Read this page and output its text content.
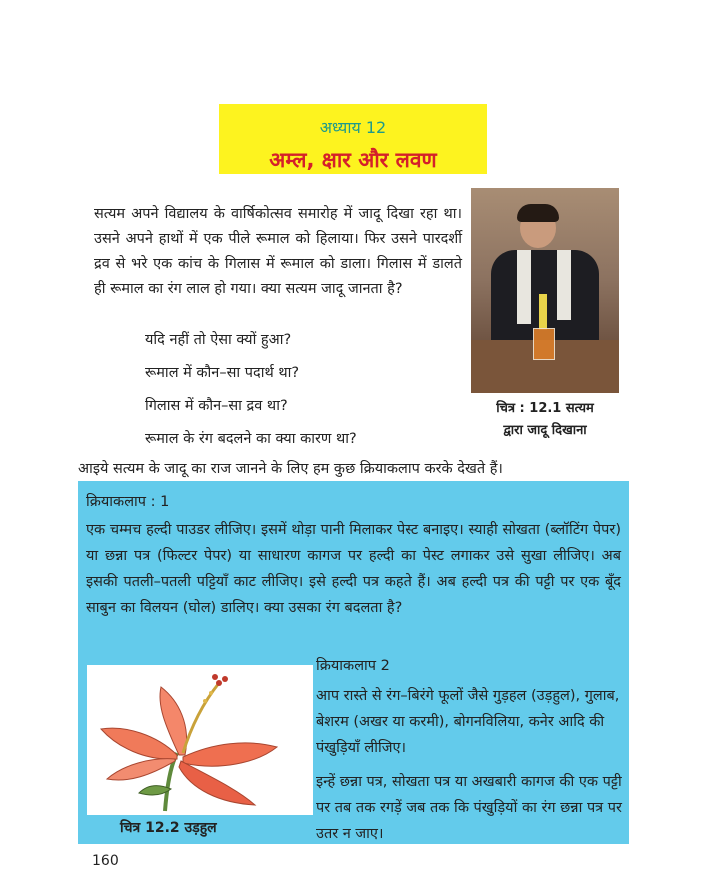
अध्याय 12
अम्ल, क्षार और लवण
सत्यम अपने विद्यालय के वार्षिकोत्सव समारोह में जादू दिखा रहा था। उसने अपने हाथों में एक पीले रूमाल को हिलाया। फिर उसने पारदर्शी द्रव से भरे एक कांच के गिलास में रूमाल को डाला। गिलास में डालते ही रूमाल का रंग लाल हो गया। क्या सत्यम जादू जानता है?
यदि नहीं तो ऐसा क्यों हुआ?
रूमाल में कौन–सा पदार्थ था?
गिलास में कौन–सा द्रव था?
रूमाल के रंग बदलने का क्या कारण था?
चित्र : 12.1 सत्यम
द्वारा जादू दिखाना
आइये सत्यम के जादू का राज जानने के लिए हम कुछ क्रियाकलाप करके देखते हैं।
क्रियाकलाप : 1
एक चम्मच हल्दी पाउडर लीजिए। इसमें थोड़ा पानी मिलाकर पेस्ट बनाइए। स्याही सोखता (ब्लॉटिंग पेपर) या छन्ना पत्र (फिल्टर पेपर) या साधारण कागज पर हल्दी का पेस्ट लगाकर उसे सुखा लीजिए। अब इसकी पतली–पतली पट्टियाँ काट लीजिए। इसे हल्दी पत्र कहते हैं। अब हल्दी पत्र की पट्टी पर एक बूँद साबुन का विलयन (घोल) डालिए। क्या उसका रंग बदलता है?
चित्र 12.2 उड़हुल
क्रियाकलाप 2

आप रास्ते से रंग–बिरंगे फूलों जैसे गुड़हल (उड़हुल), गुलाब, बेशरम (अखर या करमी), बोगनविलिया, कनेर आदि की पंखुड़ियाँ लीजिए।

इन्हें छन्ना पत्र, सोखता पत्र या अखबारी कागज की एक पट्टी पर तब तक रगड़ें जब तक कि पंखुड़ियों का रंग छन्ना पत्र पर उतर न जाए।

160
